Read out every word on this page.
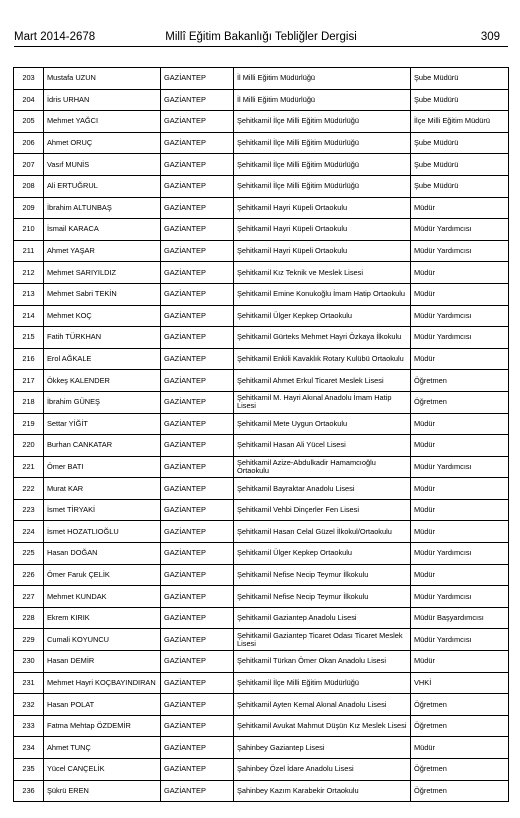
Mart 2014-2678	Millî Eğitim Bakanlığı Tebliğler Dergisi	309
203	Mustafa UZUN	GAZİANTEP	İl Milli Eğitim Müdürlüğü	Şube Müdürü
204	İdris URHAN	GAZİANTEP	İl Milli Eğitim Müdürlüğü	Şube Müdürü
205	Mehmet YAĞCI	GAZİANTEP	Şehitkamil İlçe Milli Eğitim Müdürlüğü	İlçe Milli Eğitim Müdürü
206	Ahmet ORUÇ	GAZİANTEP	Şehitkamil İlçe Milli Eğitim Müdürlüğü	Şube Müdürü
207	Vasıf MUNİS	GAZİANTEP	Şehitkamil İlçe Milli Eğitim Müdürlüğü	Şube Müdürü
208	Ali ERTUĞRUL	GAZİANTEP	Şehitkamil İlçe Milli Eğitim Müdürlüğü	Şube Müdürü
209	İbrahim ALTUNBAŞ	GAZİANTEP	Şehitkamil Hayri Küpeli Ortaokulu	Müdür
210	İsmail KARACA	GAZİANTEP	Şehitkamil Hayri Küpeli Ortaokulu	Müdür Yardımcısı
211	Ahmet YAŞAR	GAZİANTEP	Şehitkamil Hayri Küpeli Ortaokulu	Müdür Yardımcısı
212	Mehmet SARIYILDIZ	GAZİANTEP	Şehitkamil Kız Teknik ve Meslek Lisesi	Müdür
213	Mehmet Sabri TEKİN	GAZİANTEP	Şehitkamil Emine Konukoğlu İmam Hatip Ortaokulu	Müdür
214	Mehmet KOÇ	GAZİANTEP	Şehitkamil Ülger Kepkep Ortaokulu	Müdür Yardımcısı
215	Fatih TÜRKHAN	GAZİANTEP	Şehitkamil Gürteks Mehmet Hayri Özkaya İlkokulu	Müdür Yardımcısı
216	Erol AĞKALE	GAZİANTEP	Şehitkamil Enkili Kavaklık Rotary Kulübü Ortaokulu	Müdür
217	Ökkeş KALENDER	GAZİANTEP	Şehitkamil Ahmet Erkul Ticaret Meslek Lisesi	Öğretmen
218	İbrahim GÜNEŞ	GAZİANTEP	Şehitkamil M. Hayri Akınal Anadolu İmam Hatip Lisesi	Öğretmen
219	Settar YİĞİT	GAZİANTEP	Şehitkamil Mete Uygun Ortaokulu	Müdür
220	Burhan CANKATAR	GAZİANTEP	Şehitkamil Hasan Ali Yücel Lisesi	Müdür
221	Ömer BATI	GAZİANTEP	Şehitkamil Azize-Abdulkadir Hamamcıoğlu Ortaokulu	Müdür Yardımcısı
222	Murat KAR	GAZİANTEP	Şehitkamil Bayraktar Anadolu Lisesi	Müdür
223	İsmet TİRYAKİ	GAZİANTEP	Şehitkamil Vehbi Dinçerler Fen Lisesi	Müdür
224	İsmet HOZATLIOĞLU	GAZİANTEP	Şehitkamil Hasan Celal Güzel İlkokul/Ortaokulu	Müdür
225	Hasan DOĞAN	GAZİANTEP	Şehitkamil Ülger Kepkep Ortaokulu	Müdür Yardımcısı
226	Ömer Faruk ÇELİK	GAZİANTEP	Şehitkamil Nefise Necip Teymur İlkokulu	Müdür
227	Mehmet KUNDAK	GAZİANTEP	Şehitkamil Nefise Necip Teymur İlkokulu	Müdür Yardımcısı
228	Ekrem KIRIK	GAZİANTEP	Şehitkamil Gaziantep Anadolu Lisesi	Müdür Başyardımcısı
229	Cumali KOYUNCU	GAZİANTEP	Şehitkamil Gaziantep Ticaret Odası Ticaret Meslek Lisesi	Müdür Yardımcısı
230	Hasan DEMİR	GAZİANTEP	Şehitkamil Türkan Ömer Okan Anadolu Lisesi	Müdür
231	Mehmet Hayri KOÇBAYINDIRAN	GAZİANTEP	Şehitkamil İlçe Milli Eğitim Müdürlüğü	VHKİ
232	Hasan POLAT	GAZİANTEP	Şehitkamil Ayten Kemal Akınal Anadolu Lisesi	Öğretmen
233	Fatma Mehtap ÖZDEMİR	GAZİANTEP	Şehitkamil Avukat Mahmut Düşün Kız Meslek Lisesi	Öğretmen
234	Ahmet TUNÇ	GAZİANTEP	Şahinbey Gaziantep Lisesi	Müdür
235	Yücel CANÇELİK	GAZİANTEP	Şahinbey Özel İdare Anadolu Lisesi	Öğretmen
236	Şükrü EREN	GAZİANTEP	Şahinbey Kazım Karabekir Ortaokulu	Öğretmen
